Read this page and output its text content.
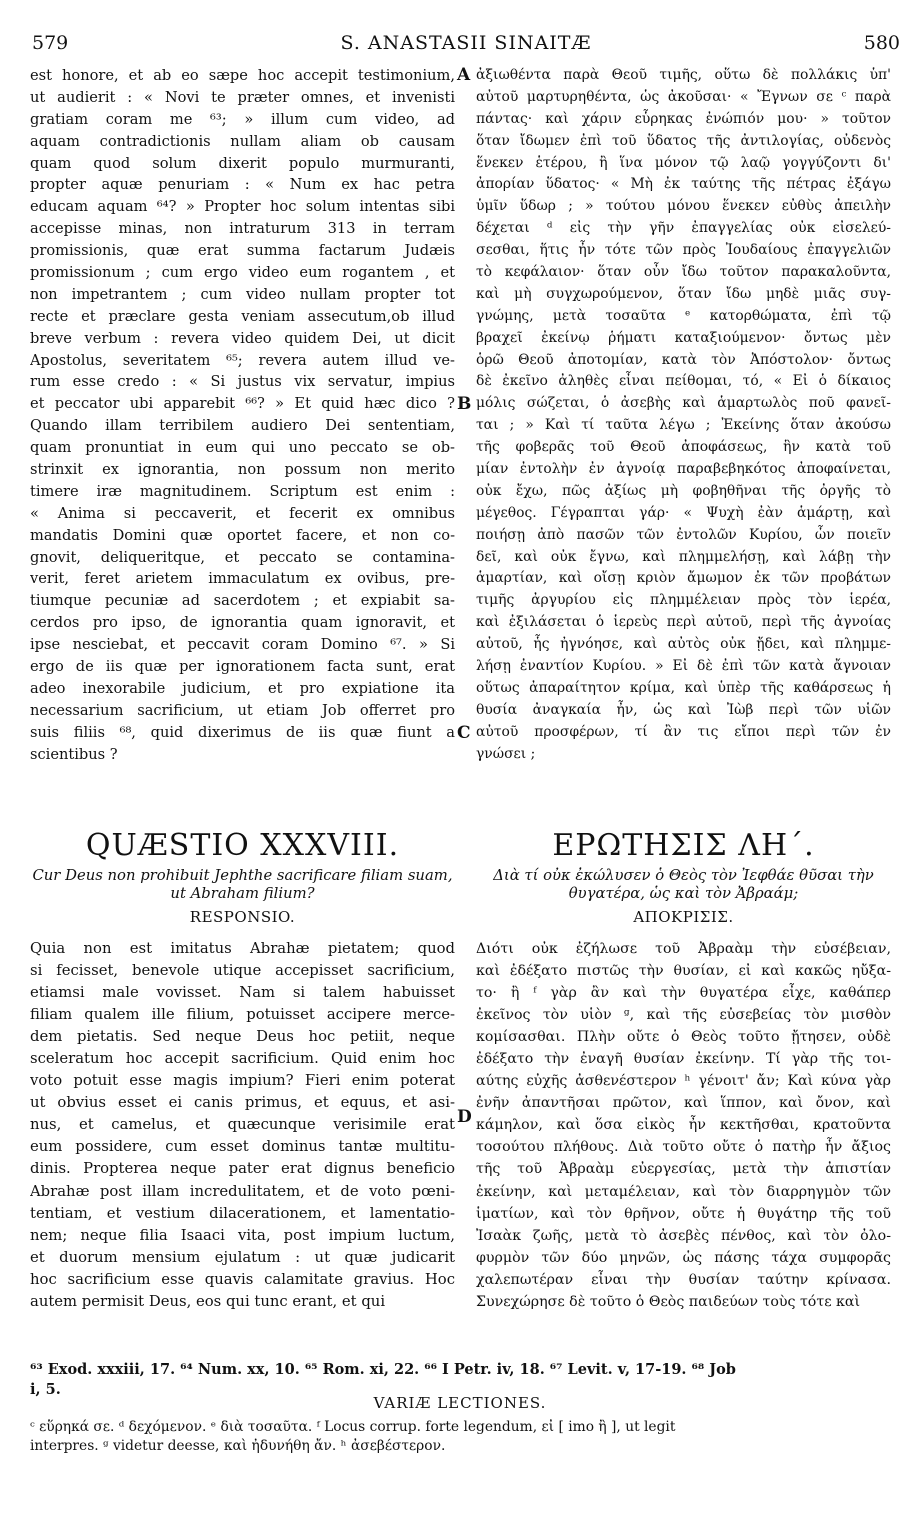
579	S. ANASTASII SINAITÆ	580
est honore, et ab eo sæpe hoc accepit testimonium,
ut audierit : « Novi te præter omnes, et invenisti
gratiam coram me ⁶³; » illum cum video, ad
aquam contradictionis nullam aliam ob causam
quam quod solum dixerit populo murmuranti,
propter aquæ penuriam : « Num ex hac petra
educam aquam ⁶⁴? » Propter hoc solum intentas sibi
accepisse minas, non intraturum 313 in terram
promissionis, quæ erat summa factarum Judæis
promissionum ; cum ergo video eum rogantem , et
non impetrantem ; cum video nullam propter tot
recte et præclare gesta veniam assecutum,ob illud
breve verbum : revera video quidem Dei, ut dicit
Apostolus, severitatem ⁶⁵; revera autem illud ve-
rum esse credo : « Si justus vix servatur, impius
et peccator ubi apparebit ⁶⁶? » Et quid hæc dico ?
Quando illam terribilem audiero Dei sententiam,
quam pronuntiat in eum qui uno peccato se ob-
strinxit ex ignorantia, non possum non merito
timere iræ magnitudinem. Scriptum est enim :
« Anima si peccaverit, et fecerit ex omnibus
mandatis Domini quæ oportet facere, et non co-
gnovit, deliqueritque, et peccato se contamina-
verit, feret arietem immaculatum ex ovibus, pre-
tiumque pecuniæ ad sacerdotem ; et expiabit sa-
cerdos pro ipso, de ignorantia quam ignoravit, et
ipse nesciebat, et peccavit coram Domino ⁶⁷. » Si
ergo de iis quæ per ignorationem facta sunt, erat
adeo inexorabile judicium, et pro expiatione ita
necessarium sacrificium, ut etiam Job offerret pro
suis filiis ⁶⁸, quid dixerimus de iis quæ fiunt a
scientibus ?
ἀξιωθέντα παρὰ Θεοῦ τιμῆς, οὕτω δὲ πολλάκις ὑπ'
αὐτοῦ μαρτυρηθέντα, ὡς ἀκοῦσαι· « Ἔγνων σε ᶜ παρὰ
πάντας· καὶ χάριν εὗρηκας ἐνώπιόν μου· » τοῦτον
ὅταν ἴδωμεν ἐπὶ τοῦ ὕδατος τῆς ἀντιλογίας, οὐδενὸς
ἕνεκεν ἑτέρου, ἢ ἵνα μόνον τῷ λαῷ γογγύζοντι δι'
ἀπορίαν ὕδατος· « Μὴ ἐκ ταύτης τῆς πέτρας ἐξάγω
ὑμῖν ὕδωρ ; » τούτου μόνου ἕνεκεν εὐθὺς ἀπειλὴν
δέχεται ᵈ εἰς τὴν γῆν ἐπαγγελίας οὐκ εἰσελεύ-
σεσθαι, ἥτις ἦν τότε τῶν πρὸς Ἰουδαίους ἐπαγγελιῶν
τὸ κεφάλαιον· ὅταν οὖν ἴδω τοῦτον παρακαλοῦντα,
καὶ μὴ συγχωρούμενον, ὅταν ἴδω μηδὲ μιᾶς συγ-
γνώμης, μετὰ τοσαῦτα ᵉ κατορθώματα, ἐπὶ τῷ
βραχεῖ ἐκείνῳ ῥήματι καταξιούμενον· ὄντως μὲν
ὁρῶ Θεοῦ ἀποτομίαν, κατὰ τὸν Ἀπόστολον· ὄντως
δὲ ἐκεῖνο ἀληθὲς εἶναι πείθομαι, τό, « Εἰ ὁ δίκαιος
μόλις σώζεται, ὁ ἀσεβὴς καὶ ἁμαρτωλὸς ποῦ φανεῖ-
ται ; » Καὶ τί ταῦτα λέγω ; Ἐκείνης ὅταν ἀκούσω
τῆς φοβερᾶς τοῦ Θεοῦ ἀποφάσεως, ἣν κατὰ τοῦ
μίαν ἐντολὴν ἐν ἀγνοίᾳ παραβεβηκότος ἀποφαίνεται,
οὐκ ἔχω, πῶς ἀξίως μὴ φοβηθῆναι τῆς ὀργῆς τὸ
μέγεθος. Γέγραπται γάρ· « Ψυχὴ ἐὰν ἁμάρτῃ, καὶ
ποιήσῃ ἀπὸ πασῶν τῶν ἐντολῶν Κυρίου, ὧν ποιεῖν
δεῖ, καὶ οὐκ ἔγνω, καὶ πλημμελήσῃ, καὶ λάβῃ τὴν
ἁμαρτίαν, καὶ οἴσῃ κριὸν ἄμωμον ἐκ τῶν προβάτων
τιμῆς ἀργυρίου εἰς πλημμέλειαν πρὸς τὸν ἱερέα,
καὶ ἐξιλάσεται ὁ ἱερεὺς περὶ αὐτοῦ, περὶ τῆς ἀγνοίας
αὐτοῦ, ἧς ἠγνόησε, καὶ αὐτὸς οὐκ ᾔδει, καὶ πλημμε-
λήσῃ ἐναντίον Κυρίου. » Εἰ δὲ ἐπὶ τῶν κατὰ ἄγνοιαν
οὕτως ἀπαραίτητον κρίμα, καὶ ὑπὲρ τῆς καθάρσεως ἡ
θυσία ἀναγκαία ἦν, ὡς καὶ Ἰὼβ περὶ τῶν υἱῶν
αὐτοῦ προσφέρων, τί ἂν τις εἴποι περὶ τῶν ἐν
γνώσει ;
A
B
C
D
QUÆSTIO XXXVIII.
Cur Deus non prohibuit Jephthe sacrificare filiam suam, ut Abraham filium?
RESPONSIO.
ΕΡΩΤΗΣΙΣ ΛΗ΄.
Διὰ τί οὐκ ἐκώλυσεν ὁ Θεὸς τὸν Ἰεφθάε θῦσαι τὴν θυγατέρα, ὡς καὶ τὸν Ἀβραάμ;
ΑΠΟΚΡΙΣΙΣ.
Quia non est imitatus Abrahæ pietatem; quod
si fecisset, benevole utique accepisset sacrificium,
etiamsi male vovisset. Nam si talem habuisset
filiam qualem ille filium, potuisset accipere merce-
dem pietatis. Sed neque Deus hoc petiit, neque
sceleratum hoc accepit sacrificium. Quid enim hoc
voto potuit esse magis impium? Fieri enim poterat
ut obvius esset ei canis primus, et equus, et asi-
nus, et camelus, et quæcunque verisimile erat
eum possidere, cum esset dominus tantæ multitu-
dinis. Propterea neque pater erat dignus beneficio
Abrahæ post illam incredulitatem, et de voto pœni-
tentiam, et vestium dilacerationem, et lamentatio-
nem; neque filia Isaaci vita, post impium luctum,
et duorum mensium ejulatum : ut quæ judicarit
hoc sacrificium esse quavis calamitate gravius. Hoc
autem permisit Deus, eos qui tunc erant, et qui
Διότι οὐκ ἐζήλωσε τοῦ Ἀβραὰμ τὴν εὐσέβειαν,
καὶ ἐδέξατο πιστῶς τὴν θυσίαν, εἰ καὶ κακῶς ηὔξα-
το· ἢ ᶠ γὰρ ἂν καὶ τὴν θυγατέρα εἶχε, καθάπερ
ἐκεῖνος τὸν υἱὸν ᵍ, καὶ τῆς εὐσεβείας τὸν μισθὸν
κομίσασθαι. Πλὴν οὔτε ὁ Θεὸς τοῦτο ᾔτησεν, οὐδὲ
ἐδέξατο τὴν ἐναγῆ θυσίαν ἐκείνην. Τί γὰρ τῆς τοι-
αύτης εὐχῆς ἀσθενέστερον ʰ γένοιτ' ἄν; Καὶ κύνα γὰρ
ἐνῆν ἀπαντῆσαι πρῶτον, καὶ ἵππον, καὶ ὄνον, καὶ
κάμηλον, καὶ ὅσα εἰκὸς ἦν κεκτῆσθαι, κρατοῦντα
τοσούτου πλήθους. Διὰ τοῦτο οὔτε ὁ πατὴρ ἦν ἄξιος
τῆς τοῦ Ἀβραὰμ εὐεργεσίας, μετὰ τὴν ἀπιστίαν
ἐκείνην, καὶ μεταμέλειαν, καὶ τὸν διαρρηγμὸν τῶν
ἱματίων, καὶ τὸν θρῆνον, οὔτε ἡ θυγάτηρ τῆς τοῦ
Ἰσαὰκ ζωῆς, μετὰ τὸ ἀσεβὲς πένθος, καὶ τὸν ὀλο-
φυρμὸν τῶν δύο μηνῶν, ὡς πάσης τάχα συμφορᾶς
χαλεπωτέραν εἶναι τὴν θυσίαν ταύτην κρίνασα.
Συνεχώρησε δὲ τοῦτο ὁ Θεὸς παιδεύων τοὺς τότε καὶ
⁶³ Exod. xxxiii, 17. ⁶⁴ Num. xx, 10. ⁶⁵ Rom. xi, 22. ⁶⁶ I Petr. iv, 18. ⁶⁷ Levit. v, 17-19. ⁶⁸ Job
i, 5.
VARIÆ LECTIONES.
ᶜ εὕρηκά σε. ᵈ δεχόμενον. ᵉ διὰ τοσαῦτα. ᶠ Locus corrup. forte legendum, εἰ [ imo ἢ ], ut legit
interpres. ᵍ videtur deesse, καὶ ἠδυνήθη ἄν. ʰ ἀσεβέστερον.
